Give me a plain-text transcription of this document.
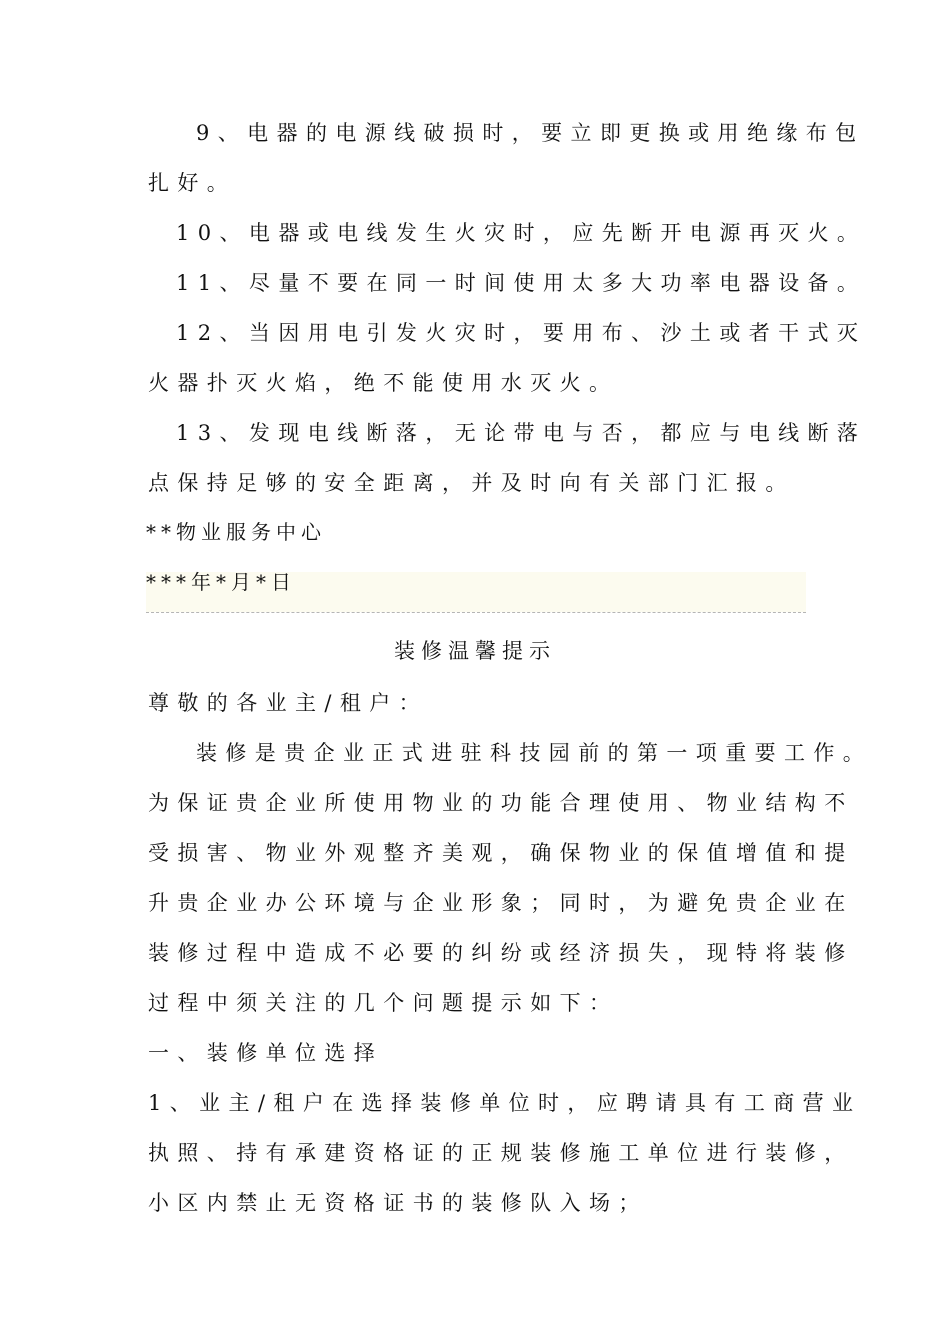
9、电器的电源线破损时，要立即更换或用绝缘布包
扎好。
10、电器或电线发生火灾时，应先断开电源再灭火。
11、尽量不要在同一时间使用太多大功率电器设备。
12、当因用电引发火灾时，要用布、沙土或者干式灭
火器扑灭火焰，绝不能使用水灭火。
13、发现电线断落，无论带电与否，都应与电线断落
点保持足够的安全距离，并及时向有关部门汇报。
**物业服务中心
***年*月*日
装修温馨提示
尊敬的各业主/租户：
装修是贵企业正式进驻科技园前的第一项重要工作。
为保证贵企业所使用物业的功能合理使用、物业结构不
受损害、物业外观整齐美观，确保物业的保值增值和提
升贵企业办公环境与企业形象；同时，为避免贵企业在
装修过程中造成不必要的纠纷或经济损失，现特将装修
过程中须关注的几个问题提示如下：
一、装修单位选择
1、业主/租户在选择装修单位时，应聘请具有工商营业
执照、持有承建资格证的正规装修施工单位进行装修，
小区内禁止无资格证书的装修队入场；
